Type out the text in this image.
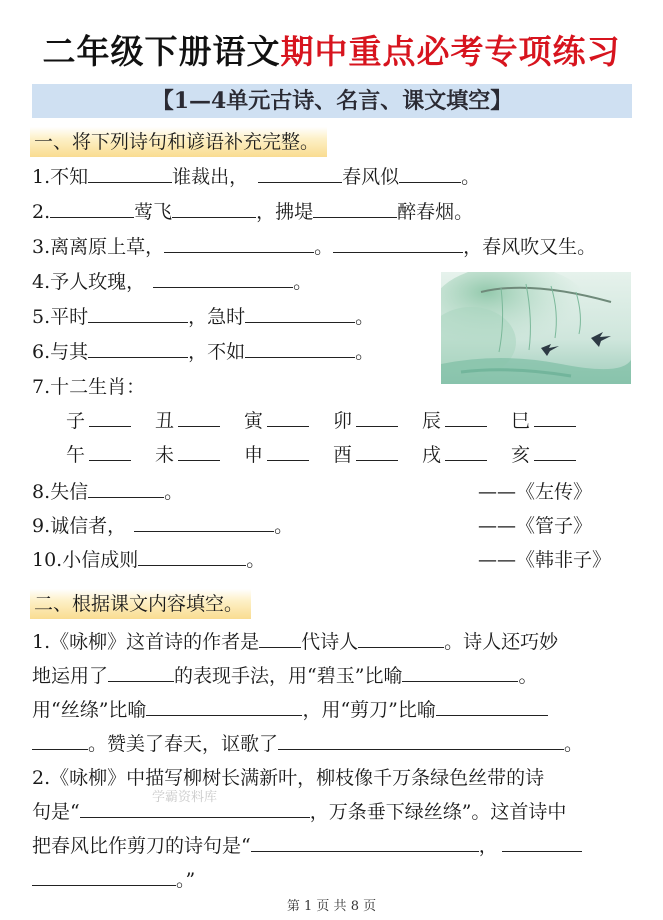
二年级下册语文期中重点必考专项练习
【1—4单元古诗、名言、课文填空】
一、将下列诗句和谚语补充完整。
1.不知	谁裁出，	春风似	。
2.	莺飞	，拂堤	醉春烟。
3.离离原上草，	。	，春风吹又生。
4.予人玫瑰，	。
5.平时	，急时	。
6.与其	，不如	。
7.十二生肖：
子	丑	寅	卯	辰	巳
午	未	申	酉	戌	亥
8.失信	。	——《左传》
9.诚信者，	。	——《管子》
10.小信成则	。	——《韩非子》
二、根据课文内容填空。
1.《咏柳》这首诗的作者是 代诗人	。诗人还巧妙
地运用了	的表现手法，用“碧玉”比喻	。
用“丝绦”比喻	，用“剪刀”比喻
。赞美了春天，讴歌了	。
2.《咏柳》中描写柳树长满新叶，柳枝像千万条绿色丝带的诗
句是“	，万条垂下绿丝绦”。这首诗中
把春风比作剪刀的诗句是“	，
。”
学霸资料库
第 1 页 共 8 页
